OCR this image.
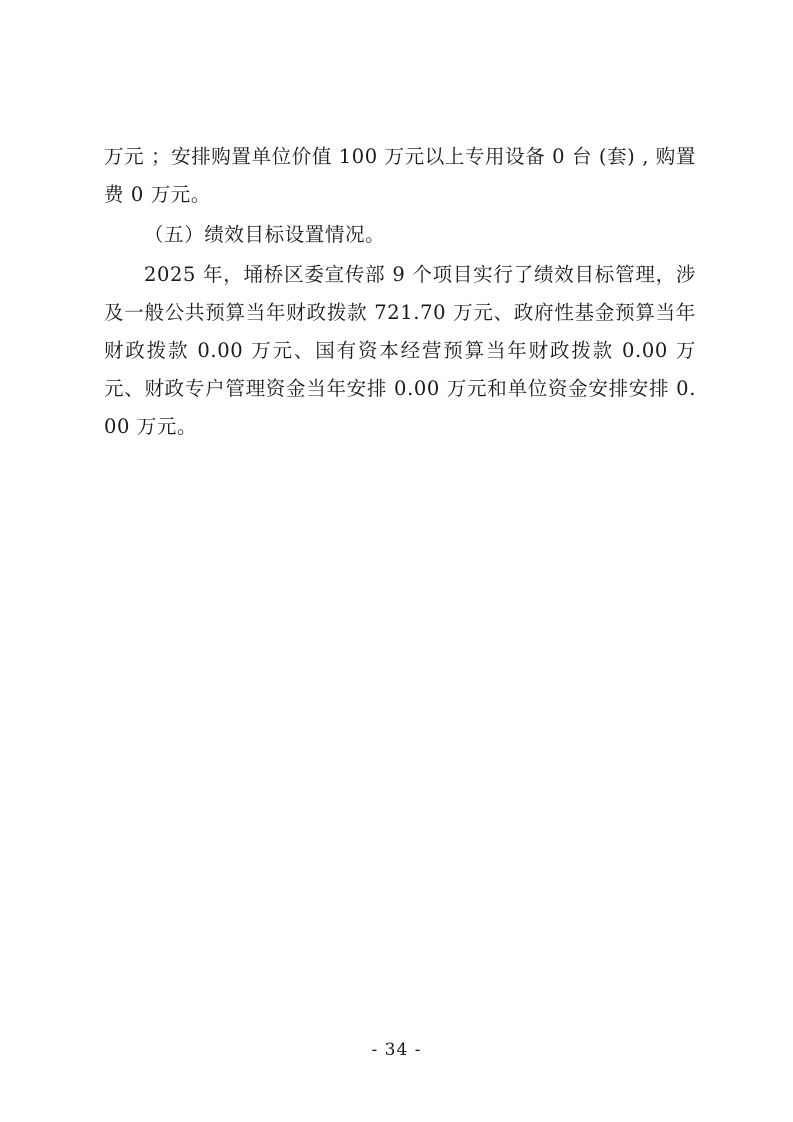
万元 ；安排购置单位价值 100 万元以上专用设备 0 台 (套) , 购置费 0 万元。

（五）绩效目标设置情况。

2025 年，埇桥区委宣传部 9 个项目实行了绩效目标管理，涉及一般公共预算当年财政拨款 721.70 万元、政府性基金预算当年财政拨款 0.00 万元、国有资本经营预算当年财政拨款 0.00 万元、财政专户管理资金当年安排 0.00 万元和单位资金安排安排 0.00 万元。

- 34 -
